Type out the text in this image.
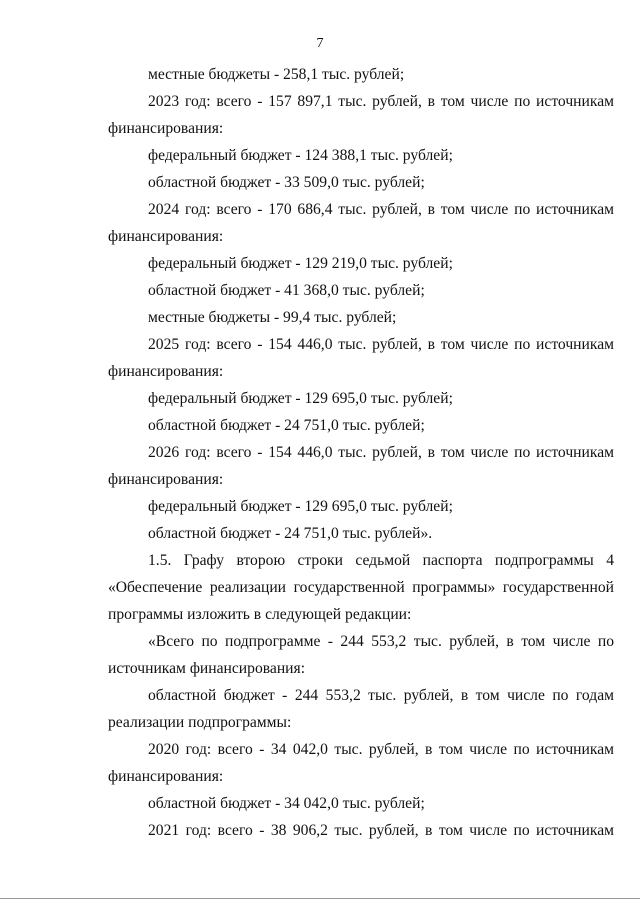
7
местные бюджеты - 258,1 тыс. рублей;
2023 год: всего - 157 897,1 тыс. рублей, в том числе по источникам
финансирования:
федеральный бюджет - 124 388,1 тыс. рублей;
областной бюджет - 33 509,0 тыс. рублей;
2024 год: всего - 170 686,4 тыс. рублей, в том числе по источникам
финансирования:
федеральный бюджет - 129 219,0 тыс. рублей;
областной бюджет - 41 368,0 тыс. рублей;
местные бюджеты - 99,4 тыс. рублей;
2025 год: всего - 154 446,0 тыс. рублей, в том числе по источникам
финансирования:
федеральный бюджет - 129 695,0 тыс. рублей;
областной бюджет - 24 751,0 тыс. рублей;
2026 год: всего - 154 446,0 тыс. рублей, в том числе по источникам
финансирования:
федеральный бюджет - 129 695,0 тыс. рублей;
областной бюджет - 24 751,0 тыс. рублей».
1.5. Графу второю строки седьмой паспорта подпрограммы 4
«Обеспечение реализации государственной программы» государственной
программы изложить в следующей редакции:
«Всего по подпрограмме - 244 553,2 тыс. рублей, в том числе по
источникам финансирования:
областной бюджет - 244 553,2 тыс. рублей, в том числе по годам
реализации подпрограммы:
2020 год: всего - 34 042,0 тыс. рублей, в том числе по источникам
финансирования:
областной бюджет - 34 042,0 тыс. рублей;
2021 год: всего - 38 906,2 тыс. рублей, в том числе по источникам
